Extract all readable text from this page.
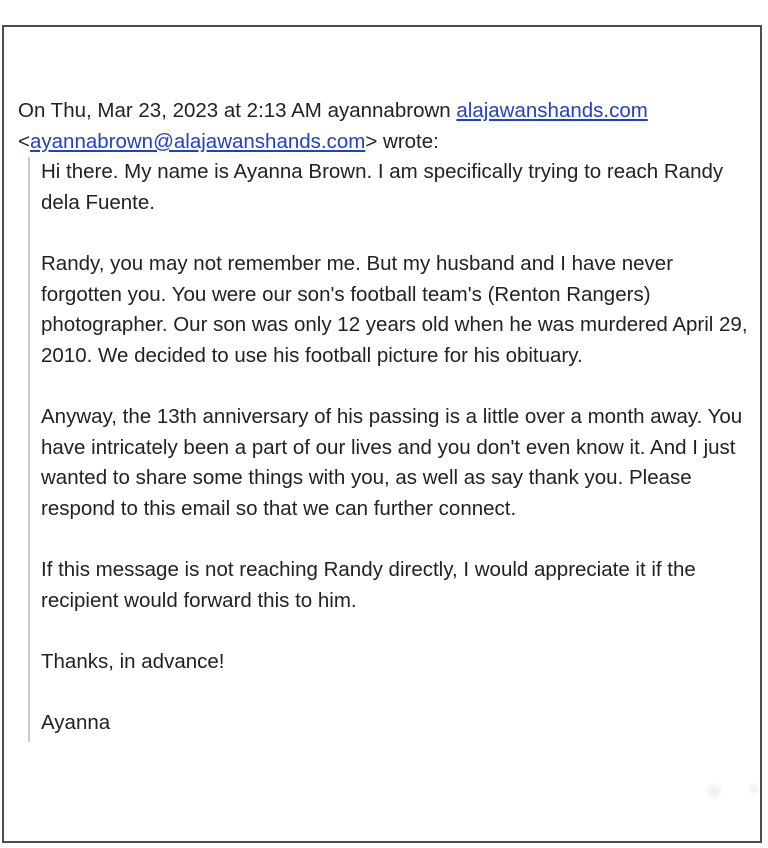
On Thu, Mar 23, 2023 at 2:13 AM ayannabrown alajawanshands.com
<ayannabrown@alajawanshands.com> wrote:
Hi there. My name is Ayanna Brown. I am specifically trying to reach Randy
dela Fuente.
Randy, you may not remember me. But my husband and I have never
forgotten you. You were our son's football team's (Renton Rangers)
photographer. Our son was only 12 years old when he was murdered April 29,
2010. We decided to use his football picture for his obituary.
Anyway, the 13th anniversary of his passing is a little over a month away. You
have intricately been a part of our lives and you don't even know it. And I just
wanted to share some things with you, as well as say thank you. Please
respond to this email so that we can further connect.
If this message is not reaching Randy directly, I would appreciate it if the
recipient would forward this to him.
Thanks, in advance!
Ayanna
